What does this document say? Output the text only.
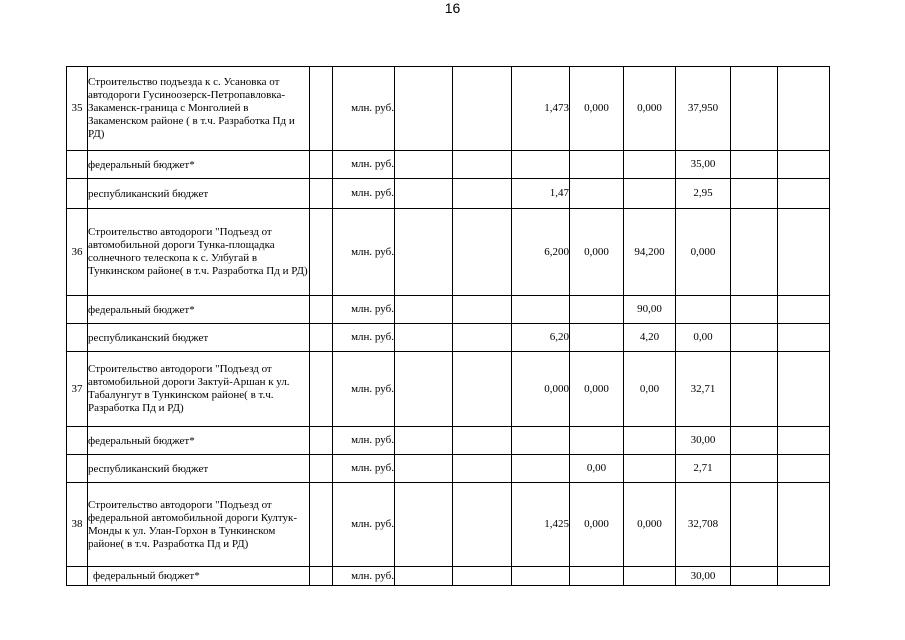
16
35	Строительство подъезда к с. Усановка от автодороги Гусиноозерск-Петропавловка-Закаменск-граница с Монголией в Закаменском районе ( в т.ч. Разработка Пд и РД)		млн. руб.			1,473	0,000	0,000	37,950		
	федеральный бюджет*		млн. руб.						35,00		
	республиканский бюджет		млн. руб.			1,47			2,95		
36	Строительство автодороги "Подъезд от автомобильной дороги Тунка-площадка солнечного телескопа к с. Улбугай в Тункинском районе( в т.ч. Разработка Пд и РД)		млн. руб.			6,200	0,000	94,200	0,000		
	федеральный бюджет*		млн. руб.					90,00			
	республиканский бюджет		млн. руб.			6,20		4,20	0,00		
37	Строительство автодороги "Подъезд от автомобильной дороги Зактуй-Аршан к ул. Табалунгут в Тункинском районе( в т.ч. Разработка Пд и РД)		млн. руб.			0,000	0,000	0,00	32,71		
	федеральный бюджет*		млн. руб.						30,00		
	республиканский бюджет		млн. руб.				0,00		2,71		
38	Строительство автодороги "Подъезд от федеральной автомобильной дороги Култук-Монды к ул. Улан-Горхон в Тункинском районе( в т.ч. Разработка Пд и РД)		млн. руб.			1,425	0,000	0,000	32,708		
	федеральный бюджет*		млн. руб.						30,00		
